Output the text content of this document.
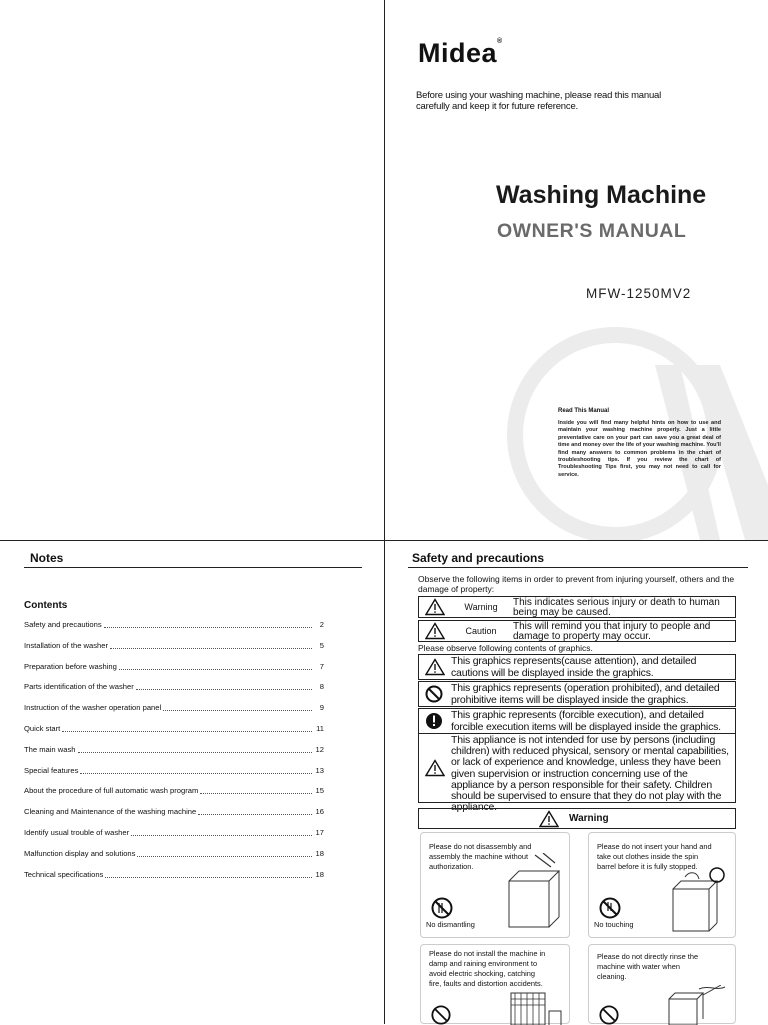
Midea®
Before using your washing machine, please read this manual carefully and keep it for future reference.
Washing Machine
OWNER'S MANUAL
MFW-1250MV2
Read This Manual
Inside you will find many helpful hints on how to use and maintain your washing machine properly. Just a little preventative care on your part can save you a great deal of time and money over the life of your washing machine. You'll find many answers to common problems in the chart of troubleshooting tips. If you review the chart of Troubleshooting Tips first, you may not need to call for service.
Notes
Contents
Safety and precautions	2
Installation of the washer	5
Preparation before washing	7
Parts identification of the washer	8
Instruction of the washer operation panel	9
Quick start	11
The main wash	12
Special features	13
About the procedure of full automatic wash program	15
Cleaning and Maintenance of the washing machine	16
Identify usual trouble of washer	17
Malfunction display and solutions	18
Technical specifications	18
Safety and precautions
Observe the following items in order to prevent from injuring yourself, others and the damage of property:
Warning	This indicates serious injury or death to human being may be caused.
Caution	This will remind you that injury to people and damage to property may occur.
Please observe following contents of graphics.
This graphics represents(cause attention), and detailed cautions will be displayed inside the graphics.
This graphics represents (operation prohibited), and detailed prohibitive items will be displayed inside the graphics.
This graphic represents (forcible execution), and detailed forcible execution items will be displayed inside the graphics.
This appliance is not intended for use by persons (including children) with reduced physical, sensory or mental capabilities, or lack of experience and knowledge, unless they have been given supervision or instruction concerning use of the appliance by a person responsible for their safety. Children should be supervised to ensure that they do not play with the appliance.
Warning
Please do not disassembly and assembly the machine without authorization.
No dismantling
Please do not insert your hand and take out clothes inside the spin barrel before it is fully stopped.
No touching
Please do not install the machine in damp and raining environment to avoid electric shocking, catching fire, faults and distortion accidents.
Please do not directly rinse the machine with water when cleaning.
